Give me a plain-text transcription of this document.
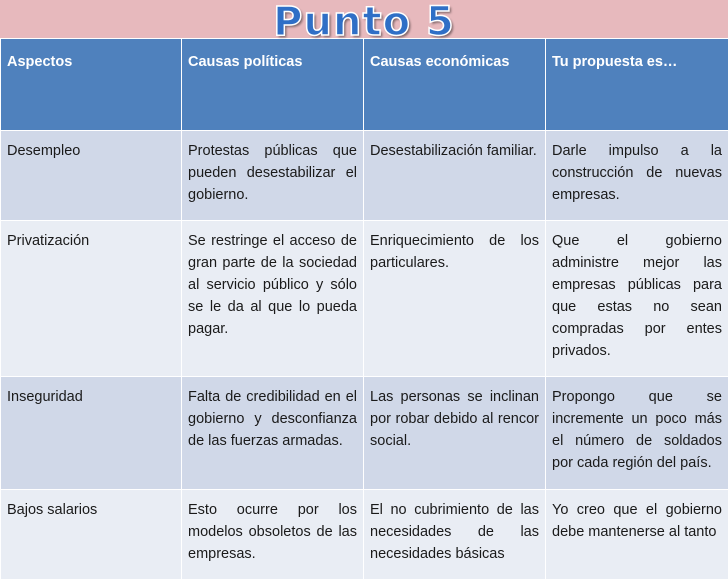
Punto 5
Aspectos	Causas políticas	Causas económicas	Tu propuesta es…
Desempleo	Protestas públicas que pueden desestabilizar el gobierno.	Desestabilización familiar.	Darle impulso a la construcción de nuevas empresas.
Privatización	Se restringe el acceso de gran parte de la sociedad al servicio público y sólo se le da al que lo pueda pagar.	Enriquecimiento de los particulares.	Que el gobierno administre mejor las empresas públicas para que estas no sean compradas por entes privados.
Inseguridad	Falta de credibilidad en el gobierno y desconfianza de las fuerzas armadas.	Las personas se inclinan por robar debido al rencor social.	Propongo que se incremente un poco más el número de soldados por cada región del país.
Bajos salarios	Esto ocurre por los modelos obsoletos de las empresas.	El no cubrimiento de las necesidades de las necesidades básicas	Yo creo que el gobierno debe mantenerse al tanto
